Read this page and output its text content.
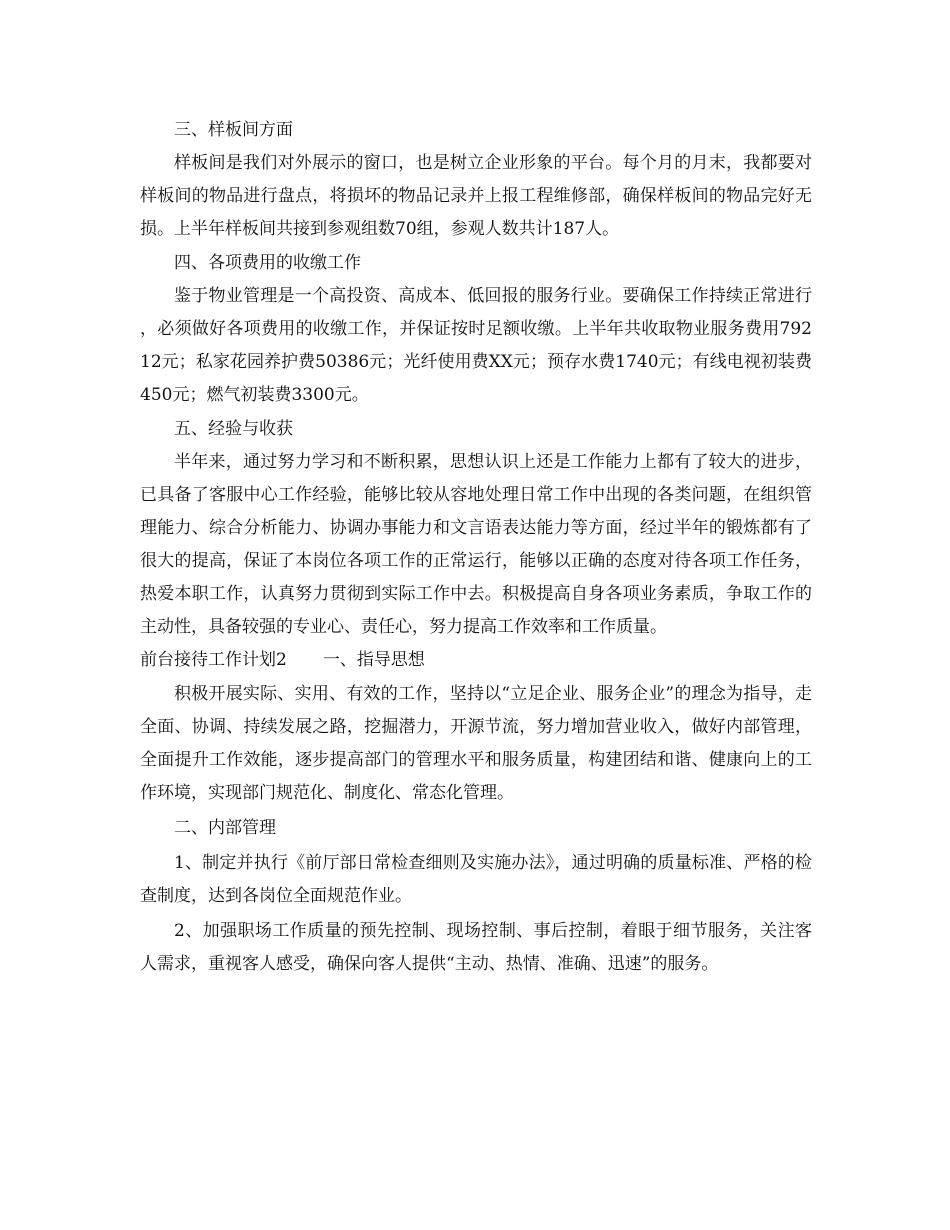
三、样板间方面

样板间是我们对外展示的窗口，也是树立企业形象的平台。每个月的月末，我都要对样板间的物品进行盘点，将损坏的物品记录并上报工程维修部，确保样板间的物品完好无损。上半年样板间共接到参观组数70组，参观人数共计187人。

四、各项费用的收缴工作

鉴于物业管理是一个高投资、高成本、低回报的服务行业。要确保工作持续正常进行，必须做好各项费用的收缴工作，并保证按时足额收缴。上半年共收取物业服务费用79212元；私家花园养护费50386元；光纤使用费XX元；预存水费1740元；有线电视初装费450元；燃气初装费3300元。

五、经验与收获

半年来，通过努力学习和不断积累，思想认识上还是工作能力上都有了较大的进步，已具备了客服中心工作经验，能够比较从容地处理日常工作中出现的各类问题，在组织管理能力、综合分析能力、协调办事能力和文言语表达能力等方面，经过半年的锻炼都有了很大的提高，保证了本岗位各项工作的正常运行，能够以正确的态度对待各项工作任务，热爱本职工作，认真努力贯彻到实际工作中去。积极提高自身各项业务素质，争取工作的主动性，具备较强的专业心、责任心，努力提高工作效率和工作质量。

前台接待工作计划2 一、指导思想

积极开展实际、实用、有效的工作，坚持以“立足企业、服务企业”的理念为指导，走全面、协调、持续发展之路，挖掘潜力，开源节流，努力增加营业收入，做好内部管理，全面提升工作效能，逐步提高部门的管理水平和服务质量，构建团结和谐、健康向上的工作环境，实现部门规范化、制度化、常态化管理。

二、内部管理

1、制定并执行《前厅部日常检查细则及实施办法》，通过明确的质量标准、严格的检查制度，达到各岗位全面规范作业。

2、加强职场工作质量的预先控制、现场控制、事后控制，着眼于细节服务，关注客人需求，重视客人感受，确保向客人提供“主动、热情、准确、迅速”的服务。
